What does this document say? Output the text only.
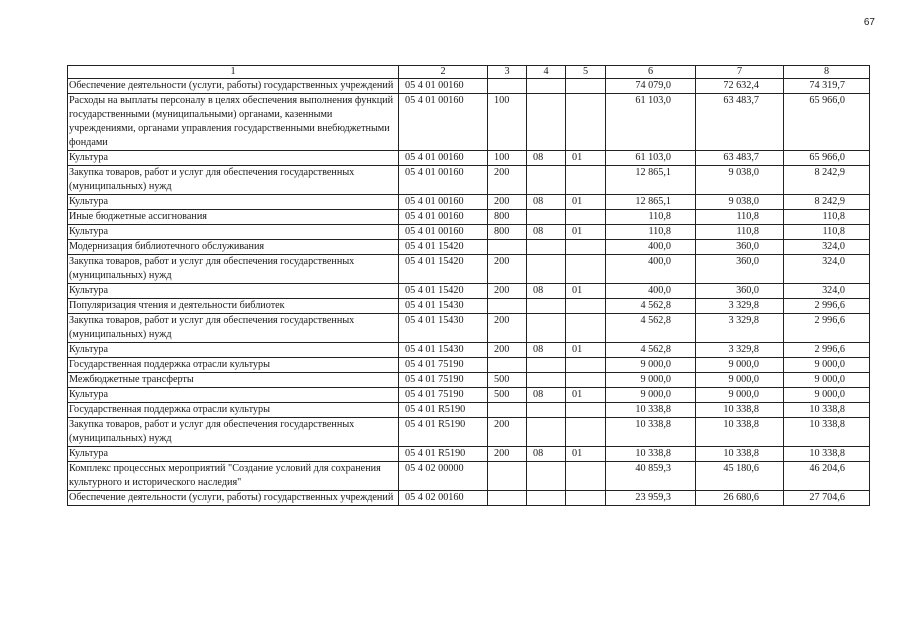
67
1	2	3	4	5	6	7	8
Обеспечение деятельности (услуги, работы) государственных учреждений	05 4 01 00160				74 079,0	72 632,4	74 319,7
Расходы на выплаты персоналу в целях обеспечения выполнения функций государственными (муниципальными) органами, казенными учреждениями, органами управления государственными внебюджетными фондами	05 4 01 00160	100			61 103,0	63 483,7	65 966,0
Культура	05 4 01 00160	100	08	01	61 103,0	63 483,7	65 966,0
Закупка товаров, работ и услуг для обеспечения государственных (муниципальных) нужд	05 4 01 00160	200			12 865,1	9 038,0	8 242,9
Культура	05 4 01 00160	200	08	01	12 865,1	9 038,0	8 242,9
Иные бюджетные ассигнования	05 4 01 00160	800			110,8	110,8	110,8
Культура	05 4 01 00160	800	08	01	110,8	110,8	110,8
Модернизация библиотечного обслуживания	05 4 01 15420				400,0	360,0	324,0
Закупка товаров, работ и услуг для обеспечения государственных (муниципальных) нужд	05 4 01 15420	200			400,0	360,0	324,0
Культура	05 4 01 15420	200	08	01	400,0	360,0	324,0
Популяризация чтения и деятельности библиотек	05 4 01 15430				4 562,8	3 329,8	2 996,6
Закупка товаров, работ и услуг для обеспечения государственных (муниципальных) нужд	05 4 01 15430	200			4 562,8	3 329,8	2 996,6
Культура	05 4 01 15430	200	08	01	4 562,8	3 329,8	2 996,6
Государственная поддержка отрасли культуры	05 4 01 75190				9 000,0	9 000,0	9 000,0
Межбюджетные трансферты	05 4 01 75190	500			9 000,0	9 000,0	9 000,0
Культура	05 4 01 75190	500	08	01	9 000,0	9 000,0	9 000,0
Государственная поддержка отрасли культуры	05 4 01 R5190				10 338,8	10 338,8	10 338,8
Закупка товаров, работ и услуг для обеспечения государственных (муниципальных) нужд	05 4 01 R5190	200			10 338,8	10 338,8	10 338,8
Культура	05 4 01 R5190	200	08	01	10 338,8	10 338,8	10 338,8
Комплекс процессных мероприятий "Создание условий для сохранения культурного и исторического наследия"	05 4 02 00000				40 859,3	45 180,6	46 204,6
Обеспечение деятельности (услуги, работы) государственных учреждений	05 4 02 00160				23 959,3	26 680,6	27 704,6
